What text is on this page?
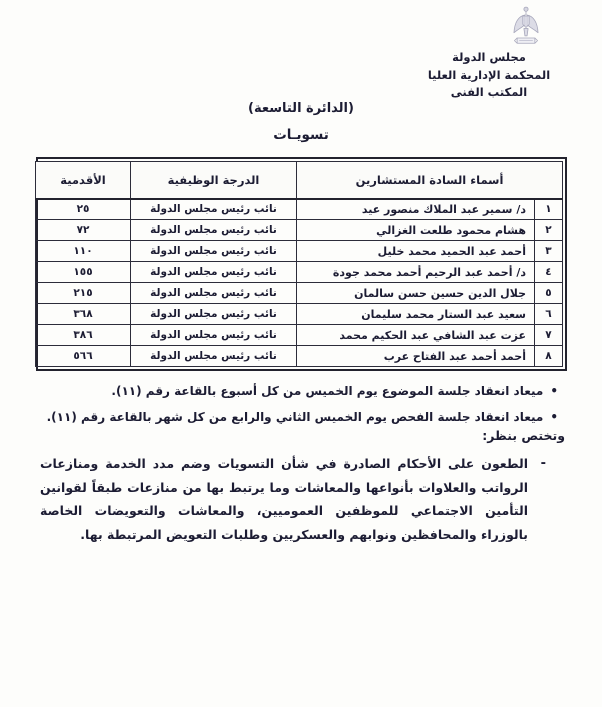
مجلس الدولة
المحكمة الإدارية العليا
المكتب الفنى
(الدائرة التاسعة)
تسويـات
أسماء السادة المستشارين		الدرجة الوظيفية	الأقدمية
١	د/ سمير عبد الملاك منصور عيد	نائب رئيس مجلس الدولة	٢٥
٢	هشام محمود طلعت الغزالي	نائب رئيس مجلس الدولة	٧٢
٣	أحمد عبد الحميد محمد خليل	نائب رئيس مجلس الدولة	١١٠
٤	د/ أحمد عبد الرحيم أحمد محمد جودة	نائب رئيس مجلس الدولة	١٥٥
٥	جلال الدين حسين حسن سالمان	نائب رئيس مجلس الدولة	٢١٥
٦	سعيد عبد الستار محمد سليمان	نائب رئيس مجلس الدولة	٣٦٨
٧	عزت عبد الشافي عبد الحكيم محمد	نائب رئيس مجلس الدولة	٣٨٦
٨	أحمد أحمد عبد الفتاح عرب	نائب رئيس مجلس الدولة	٥٦٦
•
ميعاد انعقاد جلسة الموضوع يوم الخميس من كل أسبوع بالقاعة رقم (١١).
•
ميعاد انعقاد جلسة الفحص يوم الخميس الثاني والرابع من كل شهر بالقاعة رقم (١١).
وتختص بنظر:
-
الطعون على الأحكام الصادرة في شأن التسويات وضم مدد الخدمة ومنازعات الرواتب والعلاوات بأنواعها والمعاشات وما يرتبط بها من منازعات طبقاً لقوانين التأمين الاجتماعي للموظفين العموميين، والمعاشات والتعويضات الخاصة بالوزراء والمحافظين ونوابهم والعسكريين وطلبات التعويض المرتبطة بها.
